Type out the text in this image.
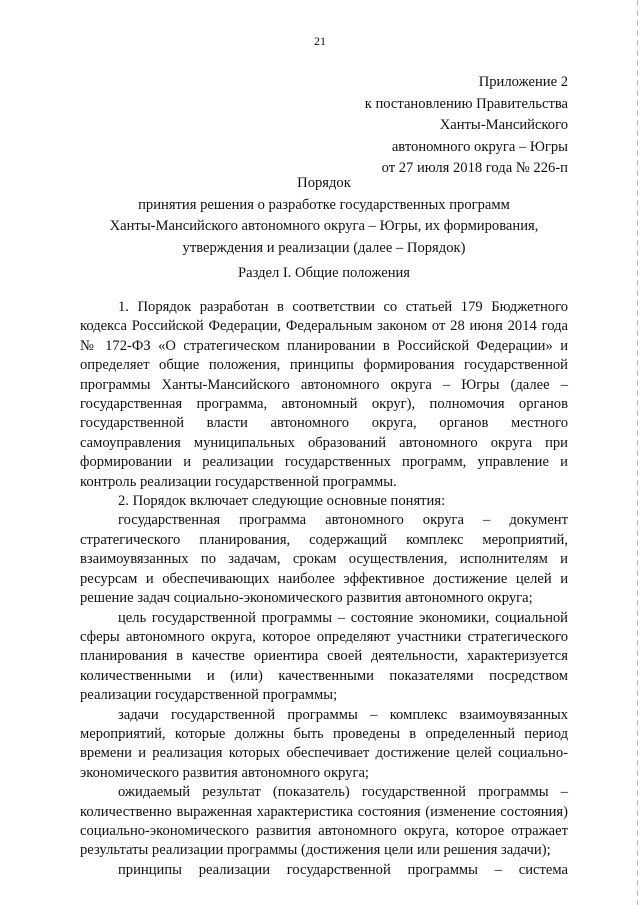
21
Приложение 2
к постановлению Правительства
Ханты-Мансийского
автономного округа – Югры
от 27 июля 2018 года № 226-п
Порядок
принятия решения о разработке государственных программ
Ханты-Мансийского автономного округа – Югры, их формирования,
утверждения и реализации (далее – Порядок)
Раздел I. Общие положения

1. Порядок разработан в соответствии со статьей 179 Бюджетного кодекса Российской Федерации, Федеральным законом от 28 июня 2014 года № 172-ФЗ «О стратегическом планировании в Российской Федерации» и определяет общие положения, принципы формирования государственной программы Ханты-Мансийского автономного округа – Югры (далее – государственная программа, автономный округ), полномочия органов государственной власти автономного округа, органов местного самоуправления муниципальных образований автономного округа при формировании и реализации государственных программ, управление и контроль реализации государственной программы.

2. Порядок включает следующие основные понятия:

государственная программа автономного округа – документ стратегического планирования, содержащий комплекс мероприятий, взаимоувязанных по задачам, срокам осуществления, исполнителям и ресурсам и обеспечивающих наиболее эффективное достижение целей и решение задач социально-экономического развития автономного округа;

цель государственной программы – состояние экономики, социальной сферы автономного округа, которое определяют участники стратегического планирования в качестве ориентира своей деятельности, характеризуется количественными и (или) качественными показателями посредством реализации государственной программы;

задачи государственной программы – комплекс взаимоувязанных мероприятий, которые должны быть проведены в определенный период времени и реализация которых обеспечивает достижение целей социально-экономического развития автономного округа;

ожидаемый результат (показатель) государственной программы – количественно выраженная характеристика состояния (изменение состояния) социально-экономического развития автономного округа, которое отражает результаты реализации программы (достижения цели или решения задачи);

принципы реализации государственной программы – система
